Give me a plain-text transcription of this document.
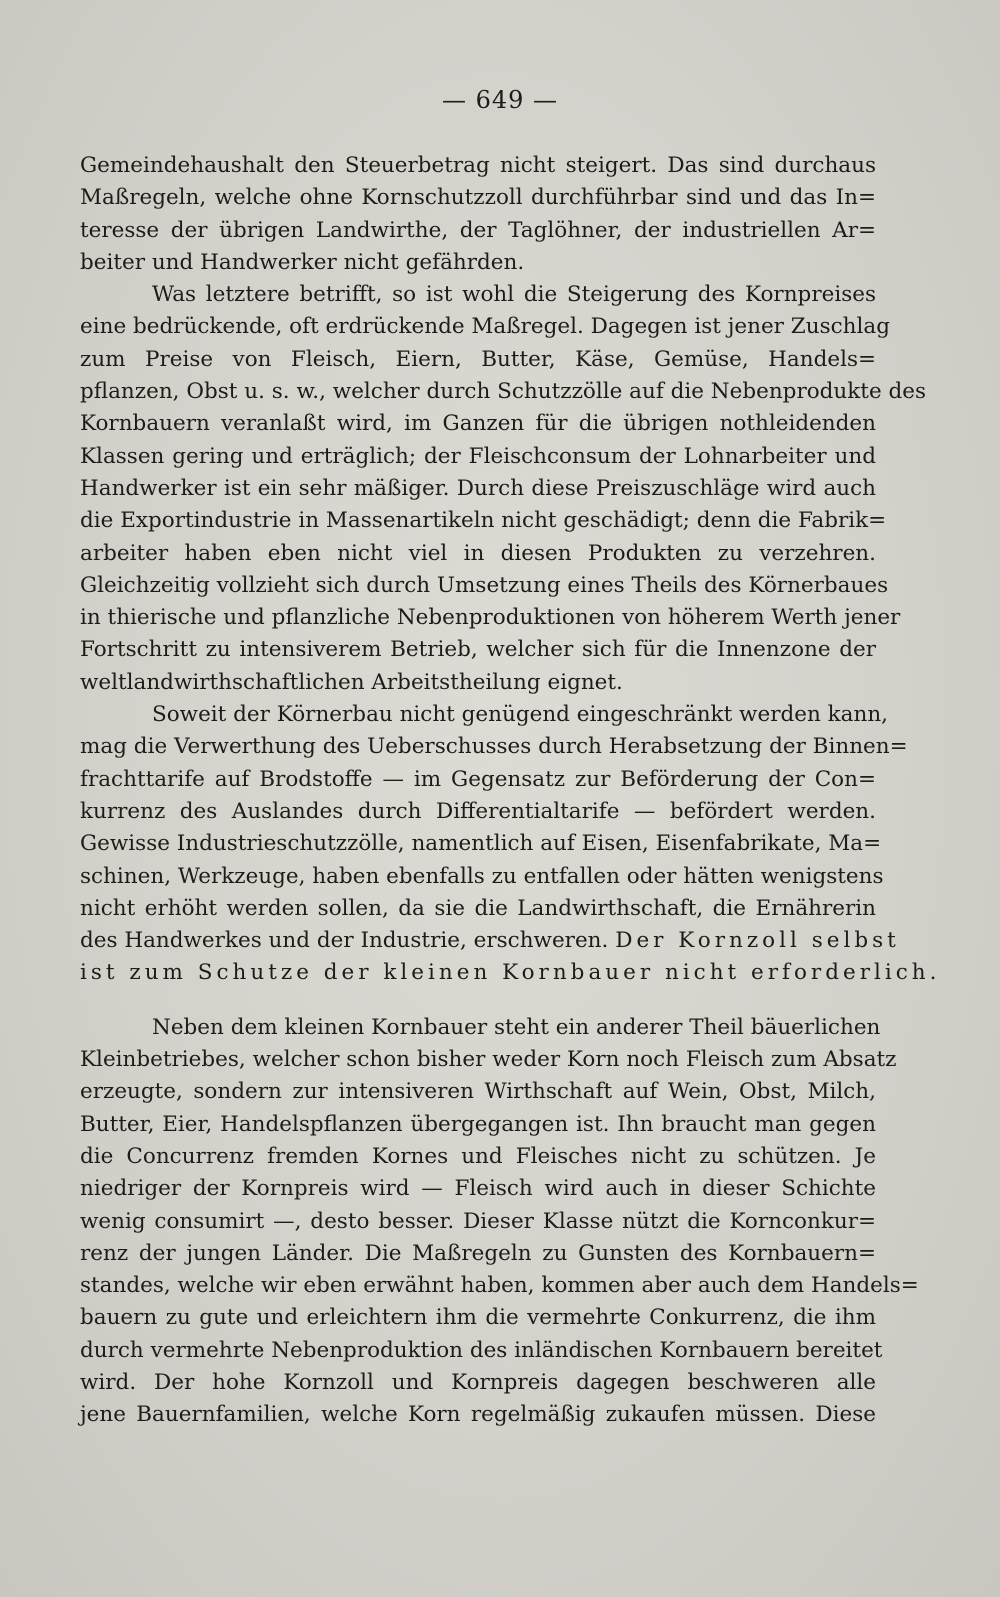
— 649 —
Gemeindehaushalt den Steuerbetrag nicht steigert. Das sind durchaus
Maßregeln, welche ohne Kornschutzzoll durchführbar sind und das In=
teresse der übrigen Landwirthe, der Taglöhner, der industriellen Ar=
beiter und Handwerker nicht gefährden.
Was letztere betrifft, so ist wohl die Steigerung des Kornpreises
eine bedrückende, oft erdrückende Maßregel. Dagegen ist jener Zuschlag
zum Preise von Fleisch, Eiern, Butter, Käse, Gemüse, Handels=
pflanzen, Obst u. s. w., welcher durch Schutzzölle auf die Nebenprodukte des
Kornbauern veranlaßt wird, im Ganzen für die übrigen nothleidenden
Klassen gering und erträglich; der Fleischconsum der Lohnarbeiter und
Handwerker ist ein sehr mäßiger. Durch diese Preiszuschläge wird auch
die Exportindustrie in Massenartikeln nicht geschädigt; denn die Fabrik=
arbeiter haben eben nicht viel in diesen Produkten zu verzehren.
Gleichzeitig vollzieht sich durch Umsetzung eines Theils des Körnerbaues
in thierische und pflanzliche Nebenproduktionen von höherem Werth jener
Fortschritt zu intensiverem Betrieb, welcher sich für die Innenzone der
weltlandwirthschaftlichen Arbeitstheilung eignet.
Soweit der Körnerbau nicht genügend eingeschränkt werden kann,
mag die Verwerthung des Ueberschusses durch Herabsetzung der Binnen=
frachttarife auf Brodstoffe — im Gegensatz zur Beförderung der Con=
kurrenz des Auslandes durch Differentialtarife — befördert werden.
Gewisse Industrieschutzzölle, namentlich auf Eisen, Eisenfabrikate, Ma=
schinen, Werkzeuge, haben ebenfalls zu entfallen oder hätten wenigstens
nicht erhöht werden sollen, da sie die Landwirthschaft, die Ernährerin
des Handwerkes und der Industrie, erschweren. Der Kornzoll selbst
ist zum Schutze der kleinen Kornbauer nicht erforderlich.
Neben dem kleinen Kornbauer steht ein anderer Theil bäuerlichen
Kleinbetriebes, welcher schon bisher weder Korn noch Fleisch zum Absatz
erzeugte, sondern zur intensiveren Wirthschaft auf Wein, Obst, Milch,
Butter, Eier, Handelspflanzen übergegangen ist. Ihn braucht man gegen
die Concurrenz fremden Kornes und Fleisches nicht zu schützen. Je
niedriger der Kornpreis wird — Fleisch wird auch in dieser Schichte
wenig consumirt —, desto besser. Dieser Klasse nützt die Kornconkur=
renz der jungen Länder. Die Maßregeln zu Gunsten des Kornbauern=
standes, welche wir eben erwähnt haben, kommen aber auch dem Handels=
bauern zu gute und erleichtern ihm die vermehrte Conkurrenz, die ihm
durch vermehrte Nebenproduktion des inländischen Kornbauern bereitet
wird. Der hohe Kornzoll und Kornpreis dagegen beschweren alle
jene Bauernfamilien, welche Korn regelmäßig zukaufen müssen. Diese
